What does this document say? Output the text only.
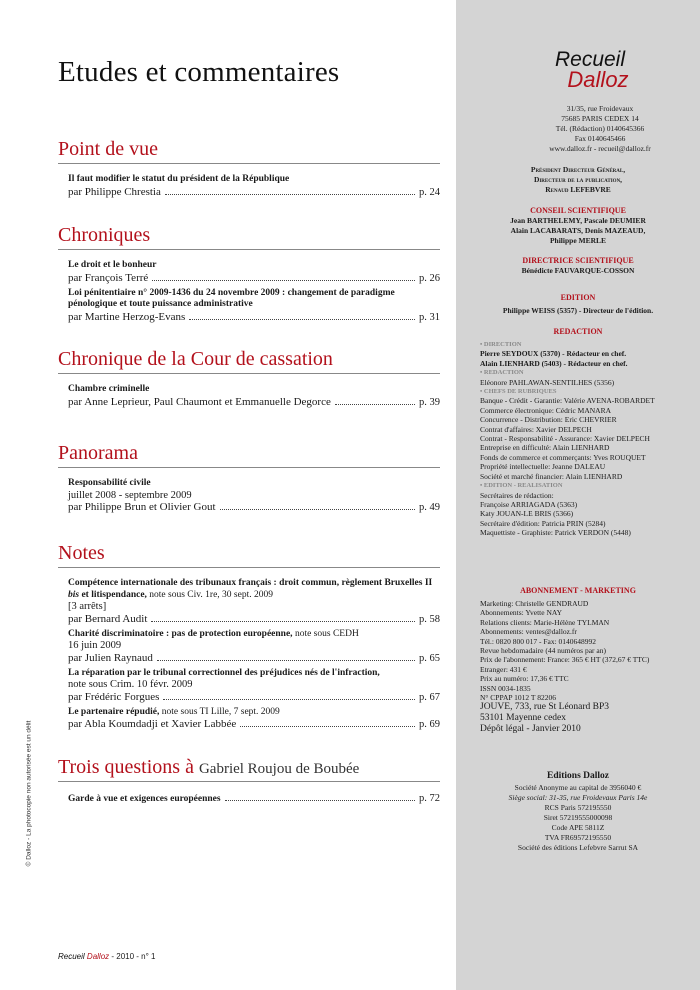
Etudes et commentaires
Point de vue
Il faut modifier le statut du président de la République
par Philippe Chrestia	p. 24
Chroniques
Le droit et le bonheur
par François Terré	p. 26
Loi pénitentiaire n° 2009-1436 du 24 novembre 2009 : changement de paradigme pénologique et toute puissance administrative
par Martine Herzog-Evans	p. 31
Chronique de la Cour de cassation
Chambre criminelle
par Anne Leprieur, Paul Chaumont et Emmanuelle Degorce	p. 39
Panorama
Responsabilité civile
juillet 2008 - septembre 2009
par Philippe Brun et Olivier Gout	p. 49
Notes
Compétence internationale des tribunaux français : droit commun, règlement Bruxelles II bis et litispendance, note sous Civ. 1re, 30 sept. 2009
[3 arrêts]
par Bernard Audit	p. 58
Charité discriminatoire : pas de protection européenne, note sous CEDH
16 juin 2009
par Julien Raynaud	p. 65
La réparation par le tribunal correctionnel des préjudices nés de l'infraction,
note sous Crim. 10 févr. 2009
par Frédéric Forgues	p. 67
Le partenaire répudié, note sous TI Lille, 7 sept. 2009
par Abla Koumdadji et Xavier Labbée	p. 69
Trois questions à Gabriel Roujou de Boubée
Garde à vue et exigences européennes	p. 72
© Dalloz - La photocopie non autorisée est un délit
Recueil Dalloz - 2010 - n° 1
Recueil
Dalloz
31/35, rue Froidevaux
75685 PARIS CEDEX 14
Tél. (Rédaction) 0140645366
Fax 0140645466
www.dalloz.fr - recueil@dalloz.fr
Président Directeur Général,
Directeur de la publication,
Renaud LEFEBVRE
CONSEIL SCIENTIFIQUE
Jean BARTHELEMY, Pascale DEUMIER
Alain LACABARATS, Denis MAZEAUD,
Philippe MERLE
DIRECTRICE SCIENTIFIQUE
Bénédicte FAUVARQUE-COSSON
EDITION
Philippe WEISS (5357) - Directeur de l'édition.
REDACTION
• DIRECTION
Pierre SEYDOUX (5370) - Rédacteur en chef.
Alain LIENHARD (5403) - Rédacteur en chef.
• REDACTION
Eléonore PAHLAWAN-SENTILHES (5356)
• CHEFS DE RUBRIQUES
Banque - Crédit - Garantie: Valérie AVENA-ROBARDET
Commerce électronique: Cédric MANARA
Concurrence - Distribution: Eric CHEVRIER
Contrat d'affaires: Xavier DELPECH
Contrat - Responsabilité - Assurance: Xavier DELPECH
Entreprise en difficulté: Alain LIENHARD
Fonds de commerce et commerçants: Yves ROUQUET
Propriété intellectuelle: Jeanne DALEAU
Société et marché financier: Alain LIENHARD
• EDITION - REALISATION
Secrétaires de rédaction:
Françoise ARRIAGADA (5363)
Katy JOUAN-LE BRIS (5366)
Secrétaire d'édition: Patricia PRIN (5284)
Maquettiste - Graphiste: Patrick VERDON (5448)
ABONNEMENT - MARKETING
Marketing: Christelle GENDRAUD
Abonnements: Yvette NAY
Relations clients: Marie-Hélène TYLMAN
Abonnements: ventes@dalloz.fr
Tél.: 0820 800 017 - Fax: 0140648992
Revue hebdomadaire (44 numéros par an)
Prix de l'abonnement: France: 365 € HT (372,67 € TTC)
Etranger: 431 €
Prix au numéro: 17,36 € TTC
ISSN 0034-1835
N° CPPAP 1012 T 82206
JOUVE, 733, rue St Léonard BP3
53101 Mayenne cedex
Dépôt légal - Janvier 2010
Editions Dalloz
Société Anonyme au capital de 3956040 €
Siège social: 31-35, rue Froidevaux Paris 14e
RCS Paris 572195550
Siret 57219555000098
Code APE 5811Z
TVA FR69572195550
Société des éditions Lefebvre Sarrut SA
